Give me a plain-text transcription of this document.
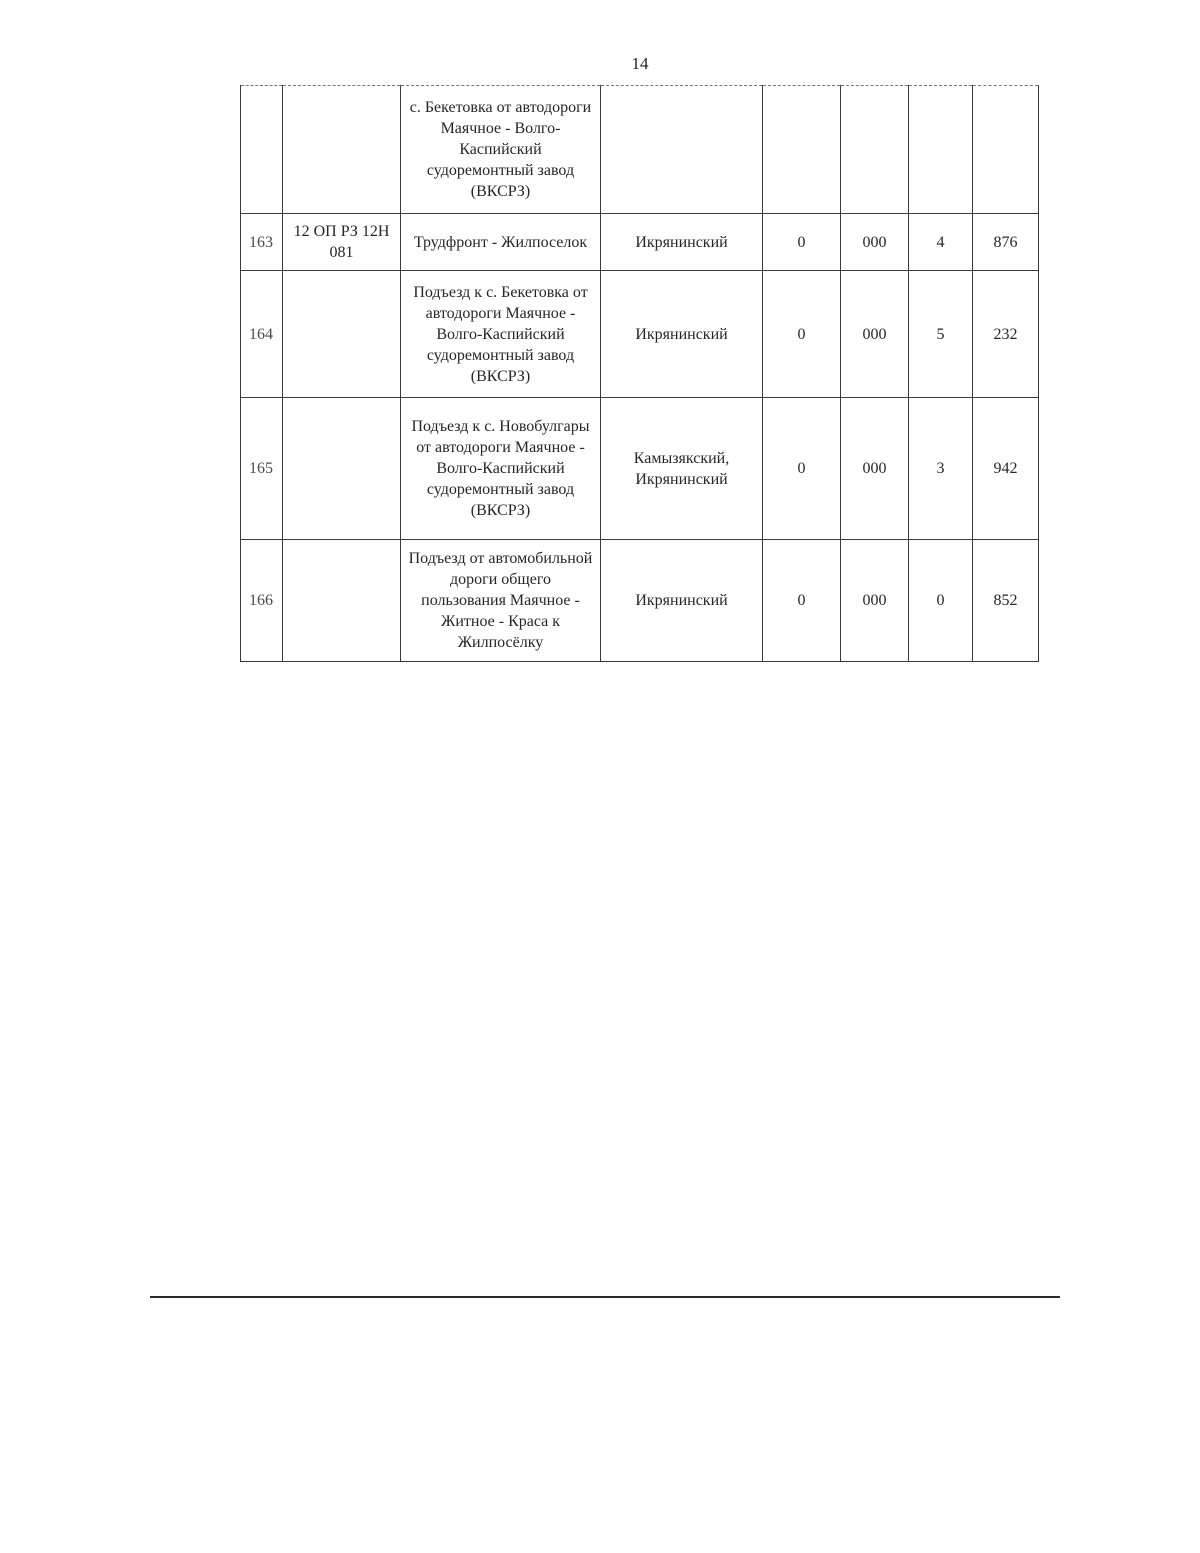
14
		с. Бекетовка от автодороги Маячное - Волго-Каспийский судоремонтный завод (ВКСРЗ)					
163	12 ОП РЗ 12Н 081	Трудфронт - Жилпоселок	Икрянинский	0	000	4	876
164		Подъезд к с. Бекетовка от автодороги Маячное - Волго-Каспийский судоремонтный завод (ВКСРЗ)	Икрянинский	0	000	5	232
165		Подъезд к с. Новобулгары от автодороги Маячное - Волго-Каспийский судоремонтный завод (ВКСРЗ)	Камызякский, Икрянинский	0	000	3	942
166		Подъезд от автомобильной дороги общего пользования Маячное - Житное - Краса к Жилпосёлку	Икрянинский	0	000	0	852
